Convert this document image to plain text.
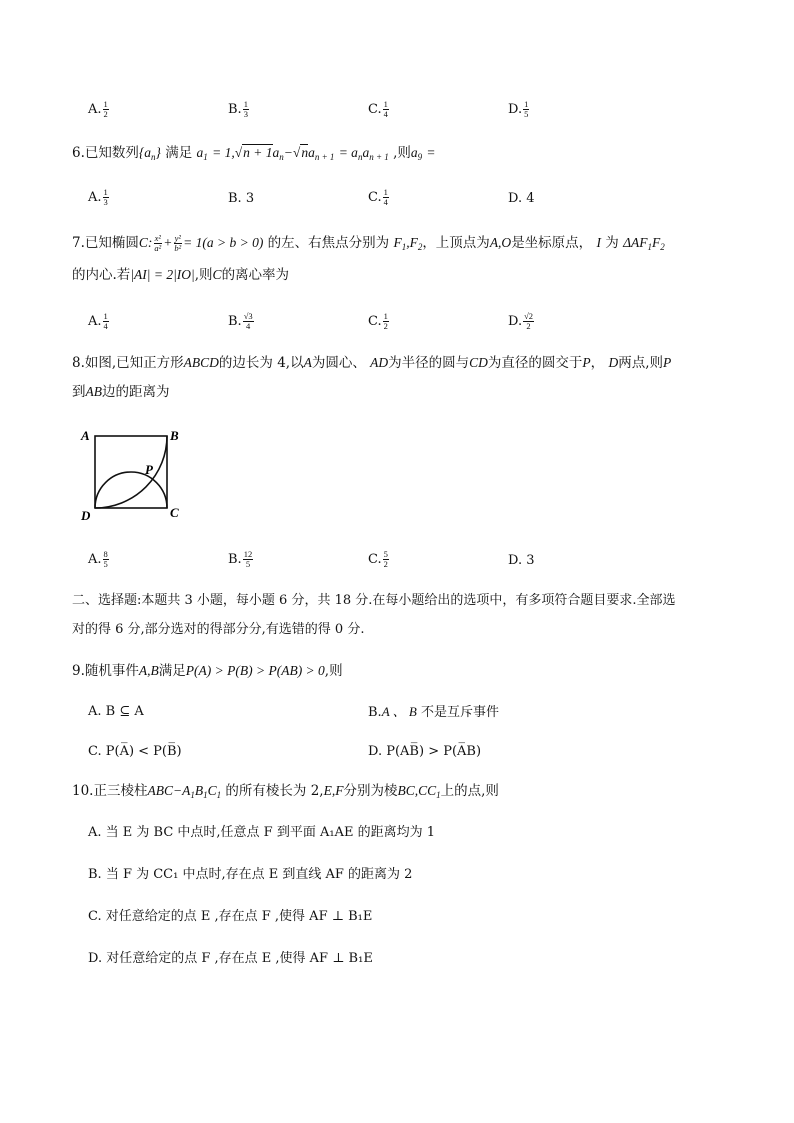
A. $\frac{1}{2}$	B. $\frac{1}{3}$	C. $\frac{1}{4}$	D. $\frac{1}{5}$
6.已知数列$\{a_n\}$ 满足 $a_1 = 1,√n + 1a_n-√na_{n + 1} = a_na_{n + 1}$ ,则$a_9$ =
A. $\frac{1}{3}$	B. 3	C. $\frac{1}{4}$	D. 4
7.已知椭圆C: $\frac{\text{x²}}{\text{a²}} + \frac{\text{y²}}{\text{b²}} = 1(a > b > 0)$ 的左、右焦点分别为 $F_1,F_2$，上顶点为A,O是坐标原点， I 为 $\Delta AF_1F_2$
的内心.若|AI| = 2|IO|,则C的离心率为
A. $\frac{1}{4}$	B. $\frac{√3}{4}$	C. $\frac{1}{2}$	D. $\frac{√2}{2}$
8.如图,已知正方形ABCD的边长为 4,以A为圆心、 AD为半径的圆与CD为直径的圆交于P， D两点,则P
到AB边的距离为
A	B
C
D
P
A. $\frac{8}{5}$	B. $\frac{12}{5}$	C. $\frac{5}{2}$	D. 3
二、选择题:本题共 3 小题，每小题 6 分，共 18 分.在每小题给出的选项中，有多项符合题目要求.全部选
对的得 6 分,部分选对的得部分分,有选错的得 0 分.
9.随机事件A,B满足P(A) > P(B) > P(AB) > 0,则
A. B ⊆ A	B.A 、 B 不是互斥事件
C. P(A̅) < P(B̅)	D. P(AB̅) > P(A̅B)
10.正三棱柱$ABC-A_1B_1C_1$ 的所有棱长为 2,E,F分别为棱$BC,CC_1$上的点,则
A. 当 E 为 BC 中点时,任意点 F 到平面 A₁AE 的距离均为 1
B. 当 F 为 CC₁ 中点时,存在点 E 到直线 AF 的距离为 2
C. 对任意给定的点 E ,存在点 F ,使得 AF ⊥ B₁E
D. 对任意给定的点 F ,存在点 E ,使得 AF ⊥ B₁E
